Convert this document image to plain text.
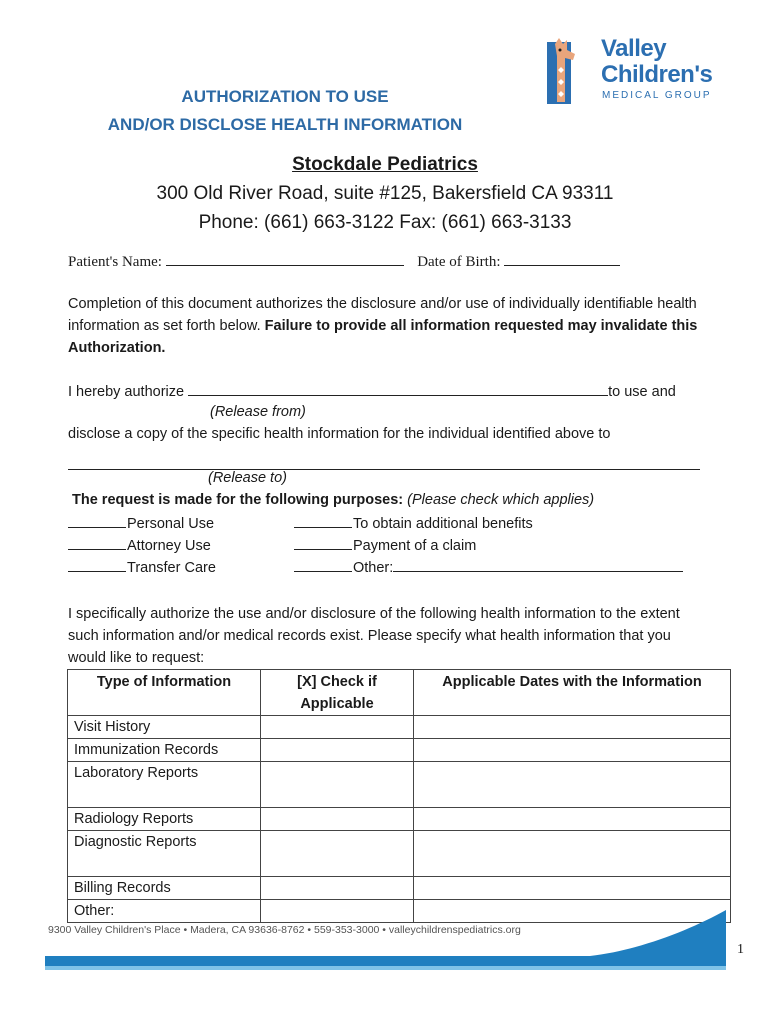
Valley
Children's
MEDICAL GROUP
AUTHORIZATION TO USE
AND/OR DISCLOSE HEALTH INFORMATION
Stockdale Pediatrics
300 Old River Road, suite #125, Bakersfield CA 93311
Phone: (661) 663-3122 Fax: (661) 663-3133
Patient's Name:	Date of Birth:
Completion of this document authorizes the disclosure and/or use of individually identifiable health information as set forth below. Failure to provide all information requested may invalidate this Authorization.
I hereby authorize	to use and
(Release from)
disclose a copy of the specific health information for the individual identified above to
(Release to)
The request is made for the following purposes: (Please check which applies)
Personal Use	To obtain additional benefits
Attorney Use	Payment of a claim
Transfer Care	Other:
I specifically authorize the use and/or disclosure of the following health information to the extent such information and/or medical records exist. Please specify what health information that you would like to request:
Type of Information	[X] Check if Applicable	Applicable Dates with the Information
Visit History		
Immunization Records		
Laboratory Reports		
Radiology Reports		
Diagnostic Reports		
Billing Records		
Other:		
9300 Valley Children's Place • Madera, CA 93636-8762 • 559-353-3000 • valleychildrenspediatrics.org
1
